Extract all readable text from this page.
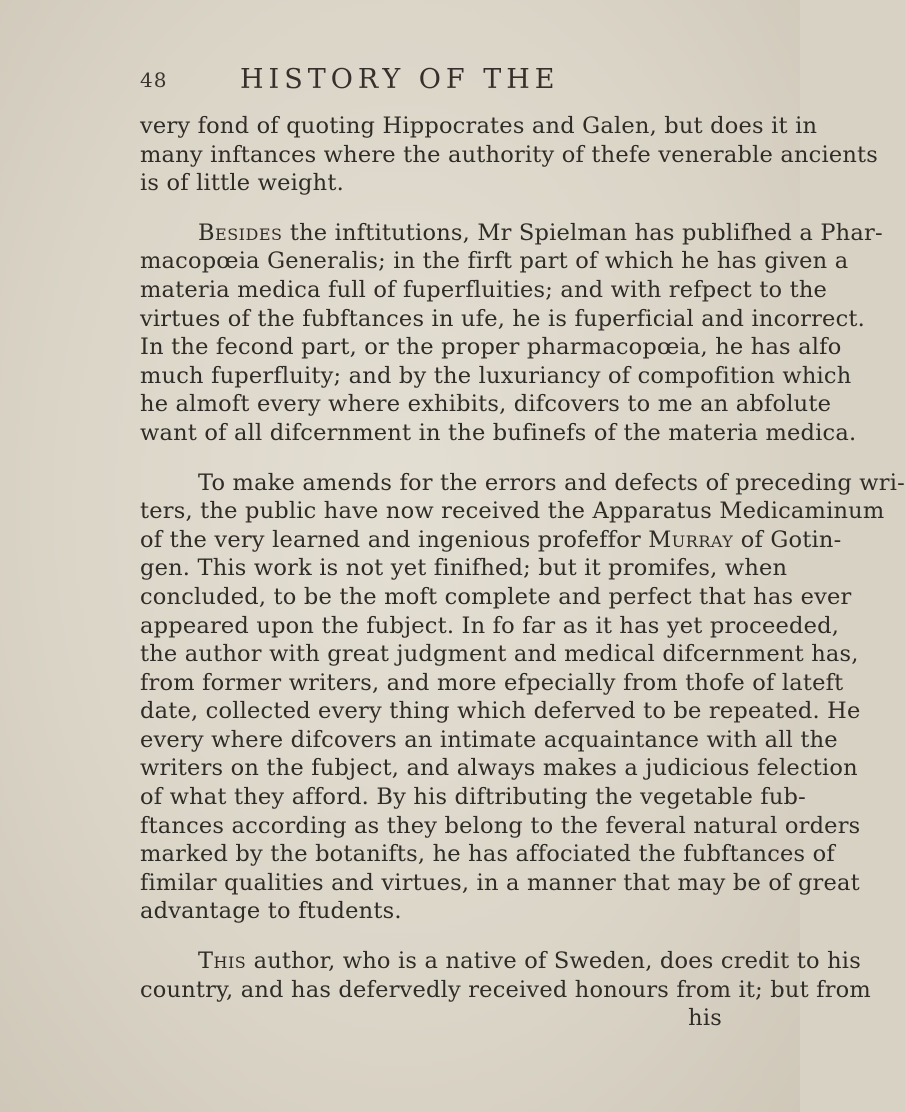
48	HISTORY OF THE
very fond of quoting Hippocrates and Galen, but does it in
many inftances where the authority of thefe venerable ancients
is of little weight.
Besides the inftitutions, Mr Spielman has publifhed a Phar-
macopœia Generalis; in the firft part of which he has given a
materia medica full of fuperfluities; and with refpect to the
virtues of the fubftances in ufe, he is fuperficial and incorrect.
In the fecond part, or the proper pharmacopœia, he has alfo
much fuperfluity; and by the luxuriancy of compofition which
he almoft every where exhibits, difcovers to me an abfolute
want of all difcernment in the bufinefs of the materia medica.
To make amends for the errors and defects of preceding wri-
ters, the public have now received the Apparatus Medicaminum
of the very learned and ingenious profeffor Murray of Gotin-
gen. This work is not yet finifhed; but it promifes, when
concluded, to be the moft complete and perfect that has ever
appeared upon the fubject. In fo far as it has yet proceeded,
the author with great judgment and medical difcernment has,
from former writers, and more efpecially from thofe of lateft
date, collected every thing which deferved to be repeated. He
every where difcovers an intimate acquaintance with all the
writers on the fubject, and always makes a judicious felection
of what they afford. By his diftributing the vegetable fub-
ftances according as they belong to the feveral natural orders
marked by the botanifts, he has affociated the fubftances of
fimilar qualities and virtues, in a manner that may be of great
advantage to ftudents.
This author, who is a native of Sweden, does credit to his
country, and has defervedly received honours from it; but from
his
